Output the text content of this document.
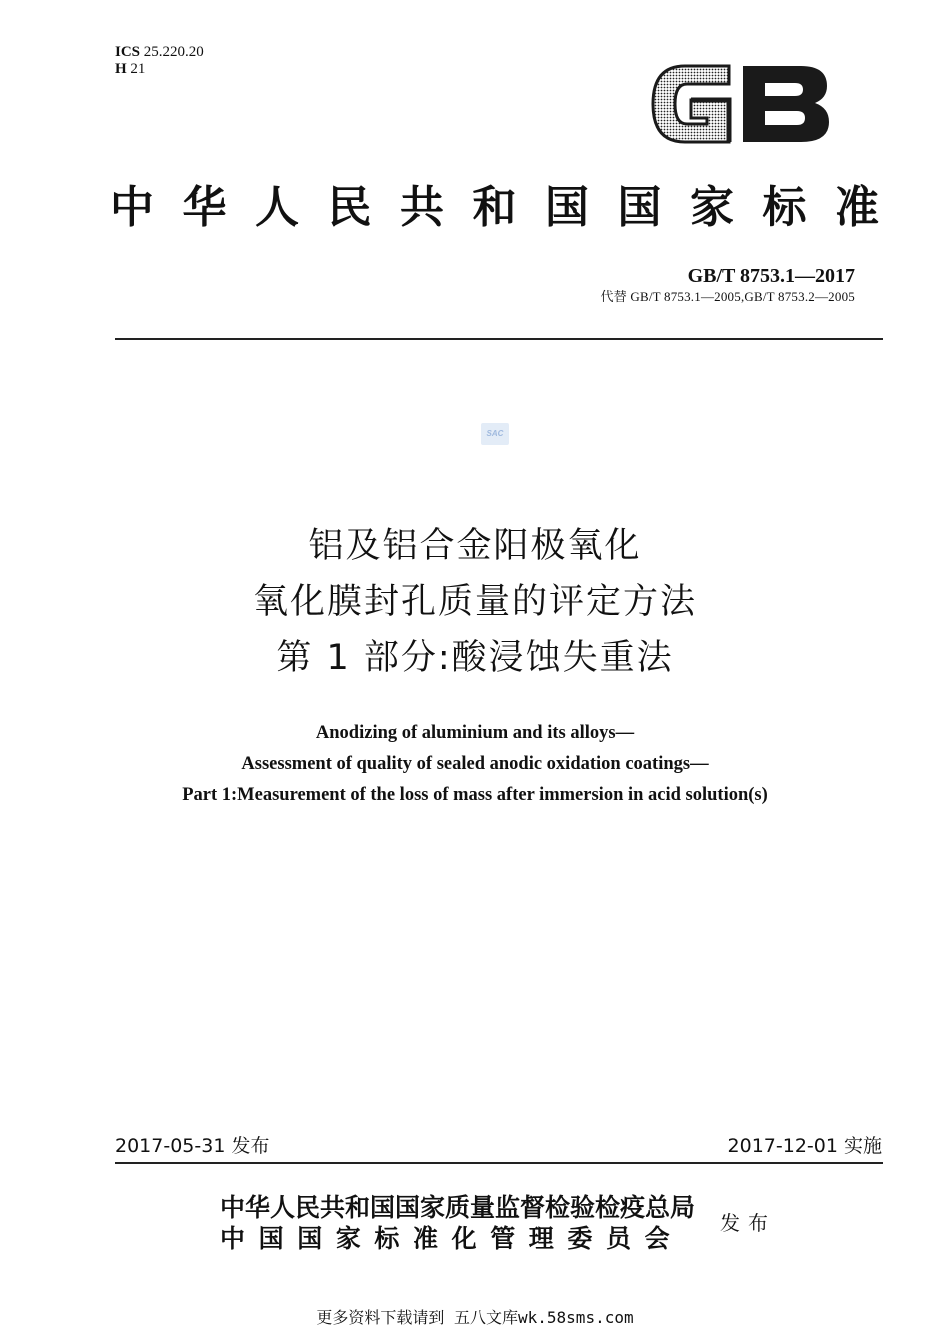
ICS 25.220.20
H 21
中华人民共和国国家标准
GB/T 8753.1—2017
代替 GB/T 8753.1—2005,GB/T 8753.2—2005
SAC
铝及铝合金阳极氧化
氧化膜封孔质量的评定方法
第 1 部分:酸浸蚀失重法
Anodizing of aluminium and its alloys—
Assessment of quality of sealed anodic oxidation coatings—
Part 1:Measurement of the loss of mass after immersion in acid solution(s)
2017-05-31 发布	2017-12-01 实施
中华人民共和国国家质量监督检验检疫总局
中国国家标准化管理委员会
发布
更多资料下载请到 五八文库wk.58sms.com
